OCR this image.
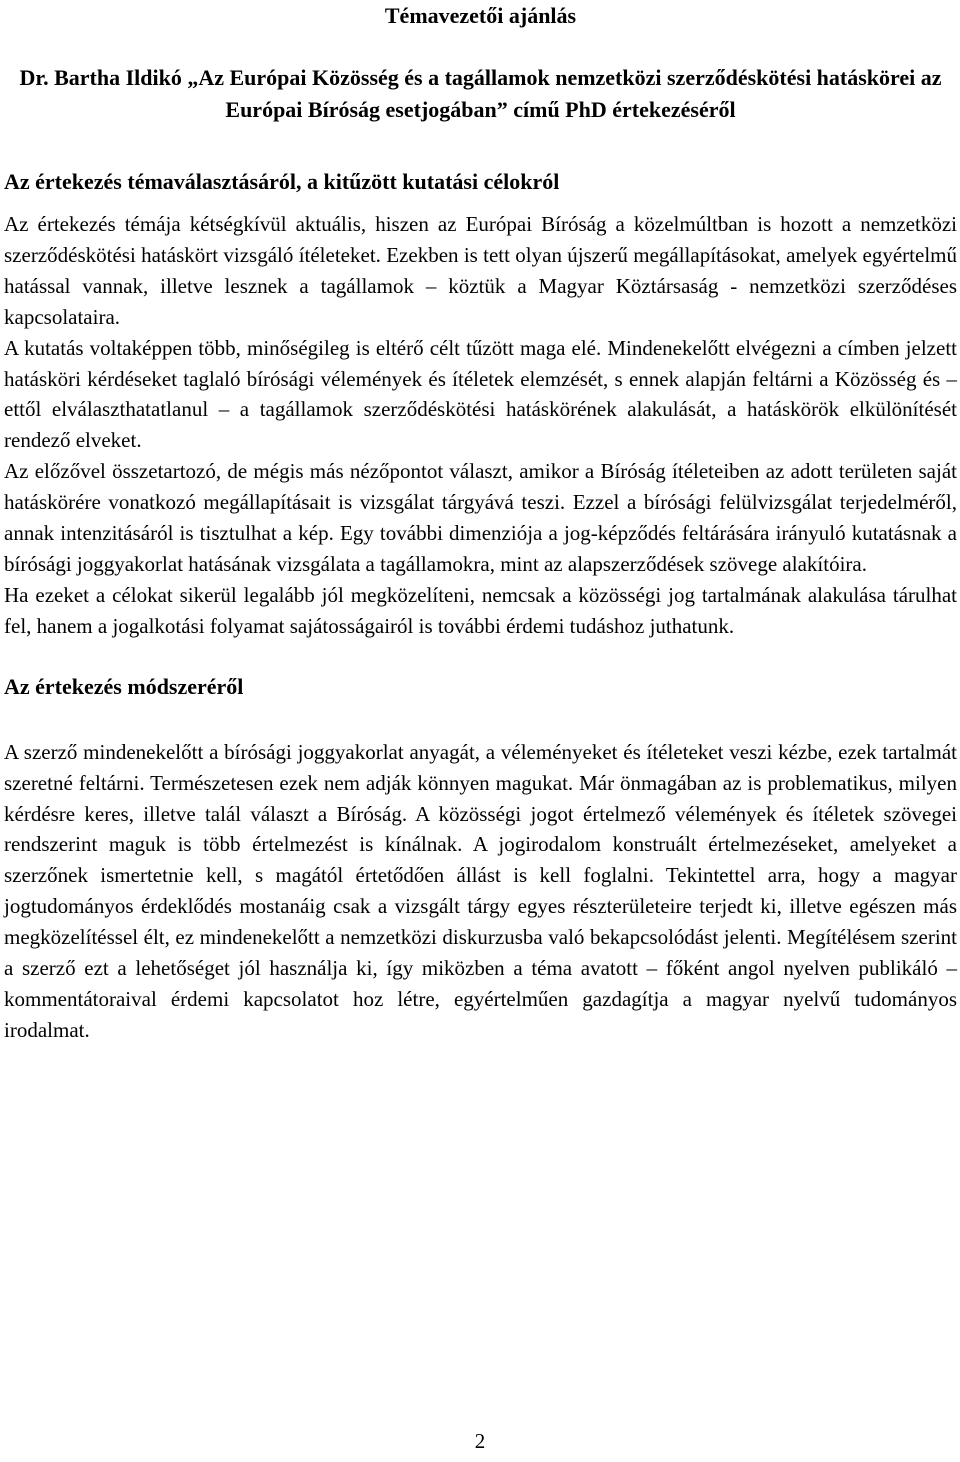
Témavezetői ajánlás
Dr. Bartha Ildikó „Az Európai Közösség és a tagállamok nemzetközi szerződéskötési hatáskörei az Európai Bíróság esetjogában” című PhD értekezéséről
Az értekezés témaválasztásáról, a kitűzött kutatási célokról

Az értekezés témája kétségkívül aktuális, hiszen az Európai Bíróság a közelmúltban is hozott a nemzetközi szerződéskötési hatáskört vizsgáló ítéleteket. Ezekben is tett olyan újszerű megállapításokat, amelyek egyértelmű hatással vannak, illetve lesznek a tagállamok – köztük a Magyar Köztársaság - nemzetközi szerződéses kapcsolataira.

A kutatás voltaképpen több, minőségileg is eltérő célt tűzött maga elé. Mindenekelőtt elvégezni a címben jelzett hatásköri kérdéseket taglaló bírósági vélemények és ítéletek elemzését, s ennek alapján feltárni a Közösség és – ettől elválaszthatatlanul – a tagállamok szerződéskötési hatáskörének alakulását, a hatáskörök elkülönítését rendező elveket.

Az előzővel összetartozó, de mégis más nézőpontot választ, amikor a Bíróság ítéleteiben az adott területen saját hatáskörére vonatkozó megállapításait is vizsgálat tárgyává teszi. Ezzel a bírósági felülvizsgálat terjedelméről, annak intenzitásáról is tisztulhat a kép. Egy további dimenziója a jog-képződés feltárására irányuló kutatásnak a bírósági joggyakorlat hatásának vizsgálata a tagállamokra, mint az alapszerződések szövege alakítóira.

Ha ezeket a célokat sikerül legalább jól megközelíteni, nemcsak a közösségi jog tartalmának alakulása tárulhat fel, hanem a jogalkotási folyamat sajátosságairól is további érdemi tudáshoz juthatunk.

Az értekezés módszeréről

A szerző mindenekelőtt a bírósági joggyakorlat anyagát, a véleményeket és ítéleteket veszi kézbe, ezek tartalmát szeretné feltárni. Természetesen ezek nem adják könnyen magukat. Már önmagában az is problematikus, milyen kérdésre keres, illetve talál választ a Bíróság. A közösségi jogot értelmező vélemények és ítéletek szövegei rendszerint maguk is több értelmezést is kínálnak. A jogirodalom konstruált értelmezéseket, amelyeket a szerzőnek ismertetnie kell, s magától értetődően állást is kell foglalni. Tekintettel arra, hogy a magyar jogtudományos érdeklődés mostanáig csak a vizsgált tárgy egyes részterületeire terjedt ki, illetve egészen más megközelítéssel élt, ez mindenekelőtt a nemzetközi diskurzusba való bekapcsolódást jelenti. Megítélésem szerint a szerző ezt a lehetőséget jól használja ki, így miközben a téma avatott – főként angol nyelven publikáló – kommentátoraival érdemi kapcsolatot hoz létre, egyértelműen gazdagítja a magyar nyelvű tudományos irodalmat.

2
